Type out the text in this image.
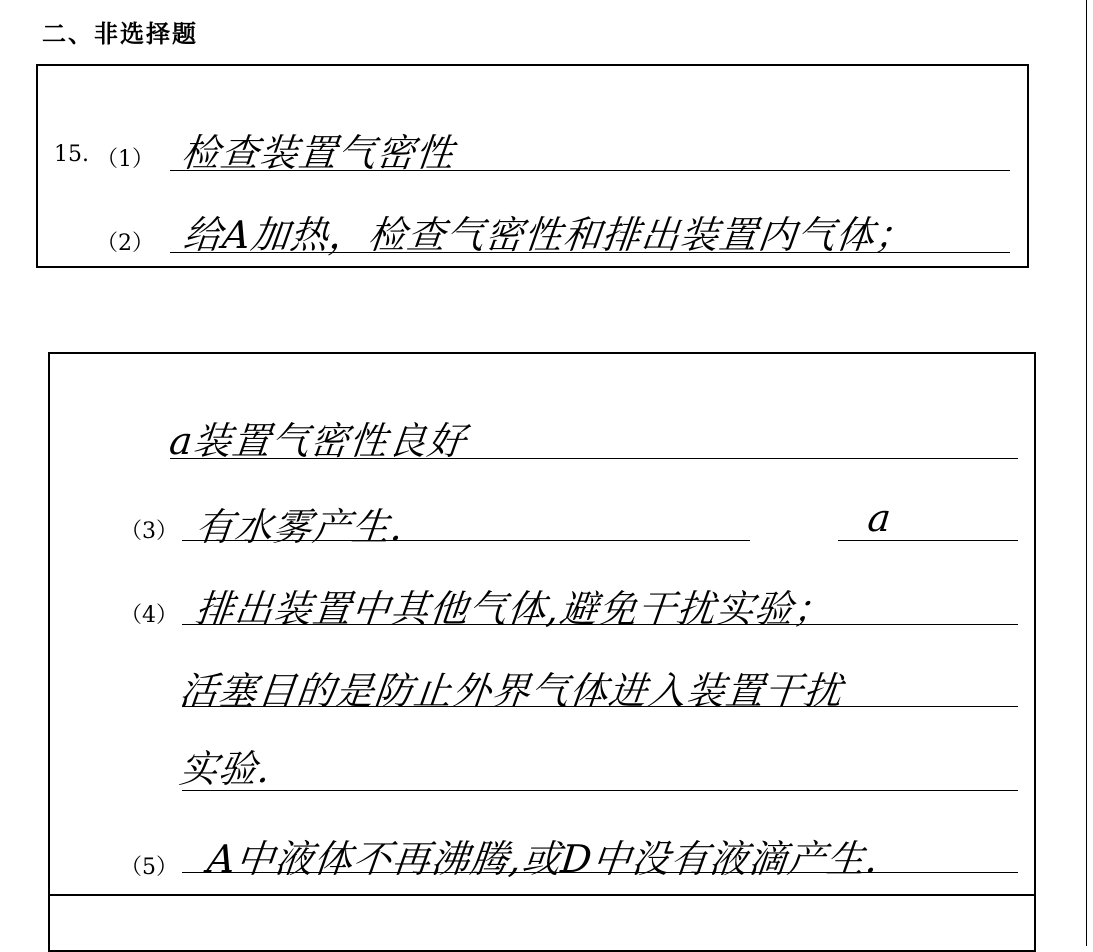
二、非选择题
15. （1） 检查装置气密性
（2） 给A加热，检查气密性和排出装置内气体；
a装置气密性良好
（3） 有水雾产生.	a
（4） 排出装置中其他气体,避免干扰实验；
活塞目的是防止外界气体进入装置干扰
实验.
（5） A中液体不再沸腾,或D中没有液滴产生.
